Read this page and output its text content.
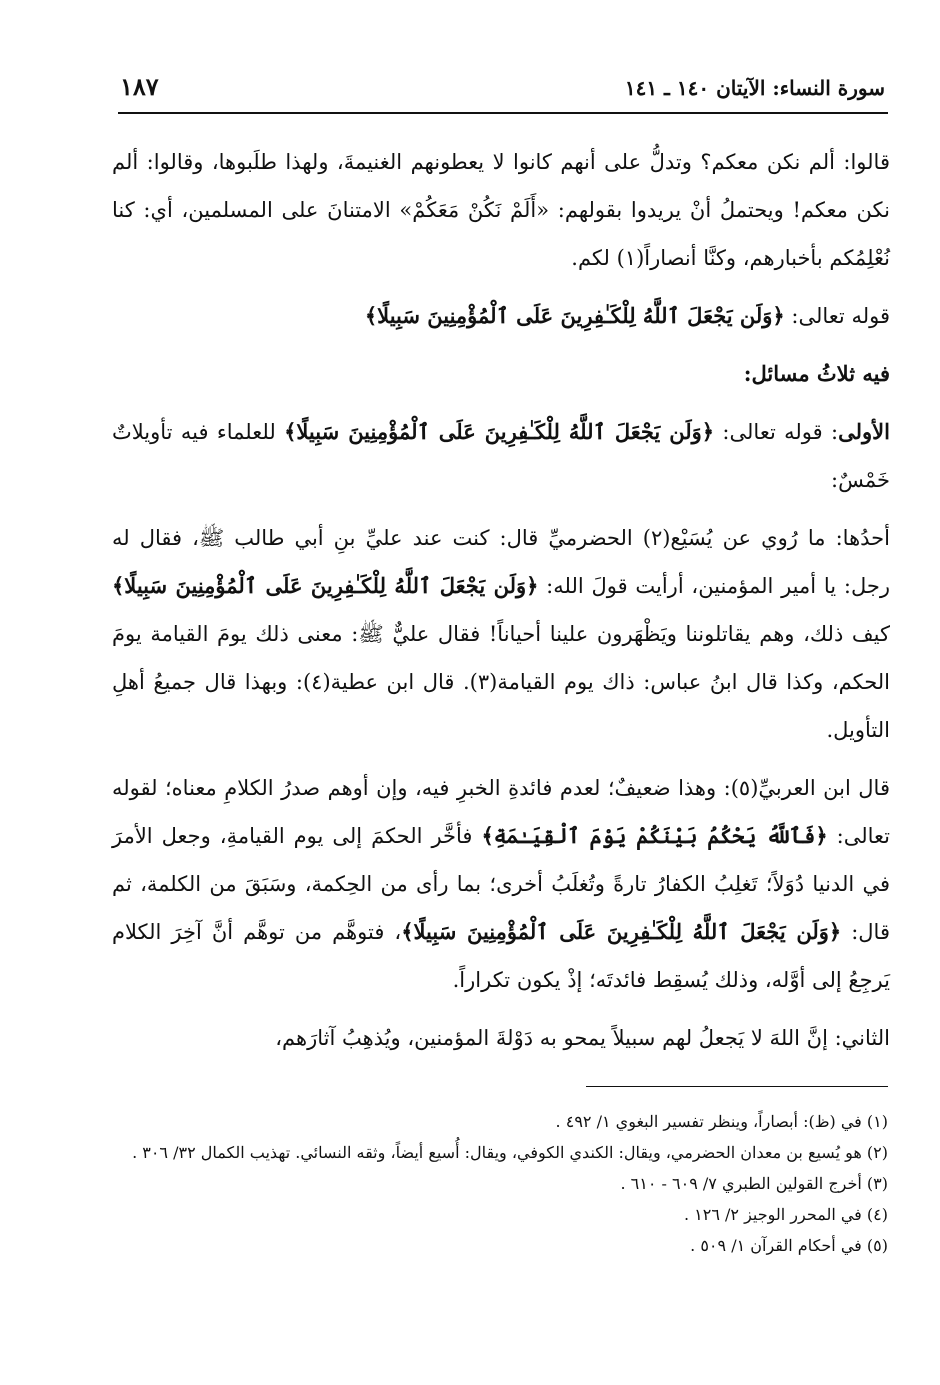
سورة النساء: الآيتان ١٤٠ ـ ١٤١
١٨٧

قالوا: ألم نكن معكم؟ وتدلُّ على أنهم كانوا لا يعطونهم الغنيمةَ، ولهذا طلَبوها، وقالوا: ألم نكن معكم! ويحتملُ أنْ يريدوا بقولهم: «أَلَمْ نَكُنْ مَعَكُمْ» الامتنانَ على المسلمين، أي: كنا نُعْلِمُكم بأخبارهم، وكنَّا أنصاراً(١) لكم.

قوله تعالى: ﴿وَلَن يَجْعَلَ ٱللَّهُ لِلْكَـٰفِرِينَ عَلَى ٱلْمُؤْمِنِينَ سَبِيلًا﴾

فيه ثلاثُ مسائل:

الأولى: قوله تعالى: ﴿وَلَن يَجْعَلَ ٱللَّهُ لِلْكَـٰفِرِينَ عَلَى ٱلْمُؤْمِنِينَ سَبِيلًا﴾ للعلماء فيه تأويلاتٌ خَمْسٌ:

أحدُها: ما رُوي عن يُسَيْع(٢) الحضرميِّ قال: كنت عند عليِّ بنِ أبي طالب ﷺ، فقال له رجل: يا أمير المؤمنين، أرأيت قولَ الله: ﴿وَلَن يَجْعَلَ ٱللَّهُ لِلْكَـٰفِرِينَ عَلَى ٱلْمُؤْمِنِينَ سَبِيلًا﴾ كيف ذلك، وهم يقاتلوننا ويَظْهَرون علينا أحياناً! فقال عليٌّ ﷺ: معنى ذلك يومَ القيامة يومَ الحكم، وكذا قال ابنُ عباس: ذاك يوم القيامة(٣). قال ابن عطية(٤): وبهذا قال جميعُ أهلِ التأويل.

قال ابن العربيِّ(٥): وهذا ضعيفٌ؛ لعدم فائدةِ الخبرِ فيه، وإن أوهم صدرُ الكلامِ معناه؛ لقوله تعالى: ﴿فَٱللَّهُ يَحْكُمُ بَيْنَكُمْ يَوْمَ ٱلْقِيَـٰمَةِ﴾ فأخَّر الحكمَ إلى يوم القيامةِ، وجعل الأمرَ في الدنيا دُوَلاً؛ تَغلِبُ الكفارُ تارةً وتُغلَبُ أخرى؛ بما رأى من الحِكمة، وسَبَقَ من الكلمة، ثم قال: ﴿وَلَن يَجْعَلَ ٱللَّهُ لِلْكَـٰفِرِينَ عَلَى ٱلْمُؤْمِنِينَ سَبِيلًا﴾، فتوهَّم من توهَّم أنَّ آخِرَ الكلام يَرجِعُ إلى أوَّله، وذلك يُسقِط فائدتَه؛ إذْ يكون تكراراً.

الثاني: إنَّ اللهَ لا يَجعلُ لهم سبيلاً يمحو به دَوْلةَ المؤمنين، ويُذهِبُ آثارَهم،

(١) في (ظ): أبصاراً، وينظر تفسير البغوي ١/ ٤٩٢ .

(٢) هو يُسيع بن معدان الحضرمي، ويقال: الكندي الكوفي، ويقال: أُسيع أيضاً، وثقه النسائي. تهذيب الكمال ٣٢/ ٣٠٦ .

(٣) أخرج القولين الطبري ٧/ ٦٠٩ - ٦١٠ .

(٤) في المحرر الوجيز ٢/ ١٢٦ .

(٥) في أحكام القرآن ١/ ٥٠٩ .
